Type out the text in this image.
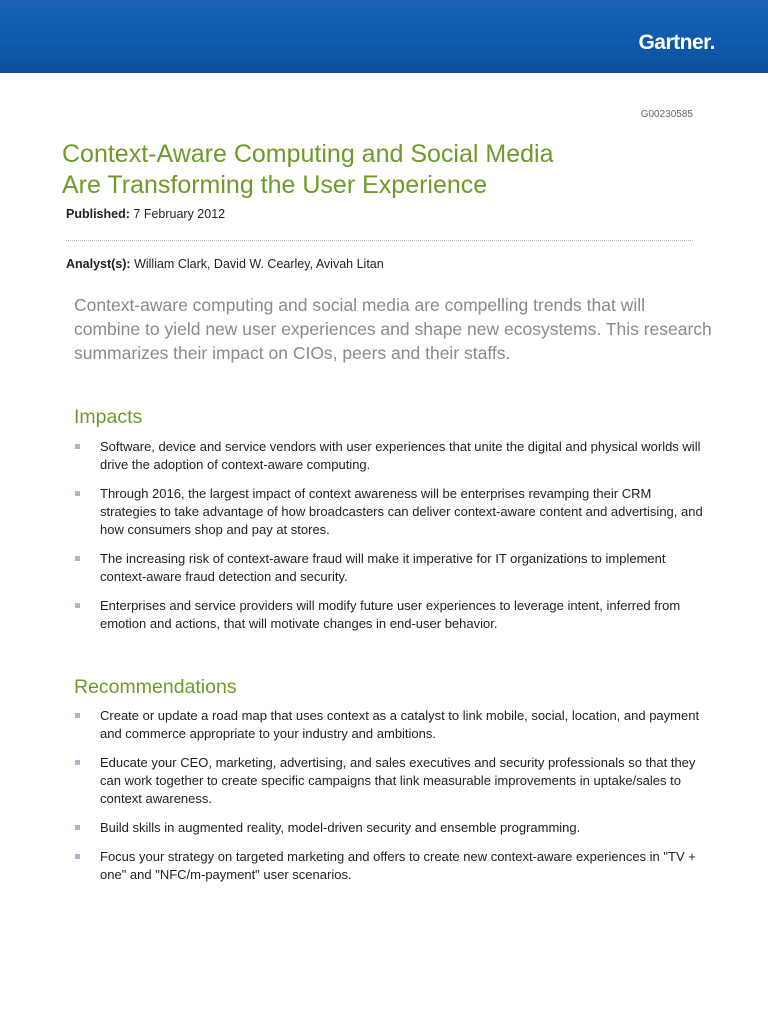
Gartner.
G00230585
Context-Aware Computing and Social Media
Are Transforming the User Experience
Published: 7 February 2012
Analyst(s): William Clark, David W. Cearley, Avivah Litan

Context-aware computing and social media are compelling trends that will combine to yield new user experiences and shape new ecosystems. This research summarizes their impact on CIOs, peers and their staffs.

Impacts
Software, device and service vendors with user experiences that unite the digital and physical worlds will drive the adoption of context-aware computing.
Through 2016, the largest impact of context awareness will be enterprises revamping their CRM strategies to take advantage of how broadcasters can deliver context-aware content and advertising, and how consumers shop and pay at stores.
The increasing risk of context-aware fraud will make it imperative for IT organizations to implement context-aware fraud detection and security.
Enterprises and service providers will modify future user experiences to leverage intent, inferred from emotion and actions, that will motivate changes in end-user behavior.
Recommendations
Create or update a road map that uses context as a catalyst to link mobile, social, location, and payment and commerce appropriate to your industry and ambitions.
Educate your CEO, marketing, advertising, and sales executives and security professionals so that they can work together to create specific campaigns that link measurable improvements in uptake/sales to context awareness.
Build skills in augmented reality, model-driven security and ensemble programming.
Focus your strategy on targeted marketing and offers to create new context-aware experiences in "TV + one" and "NFC/m-payment" user scenarios.
